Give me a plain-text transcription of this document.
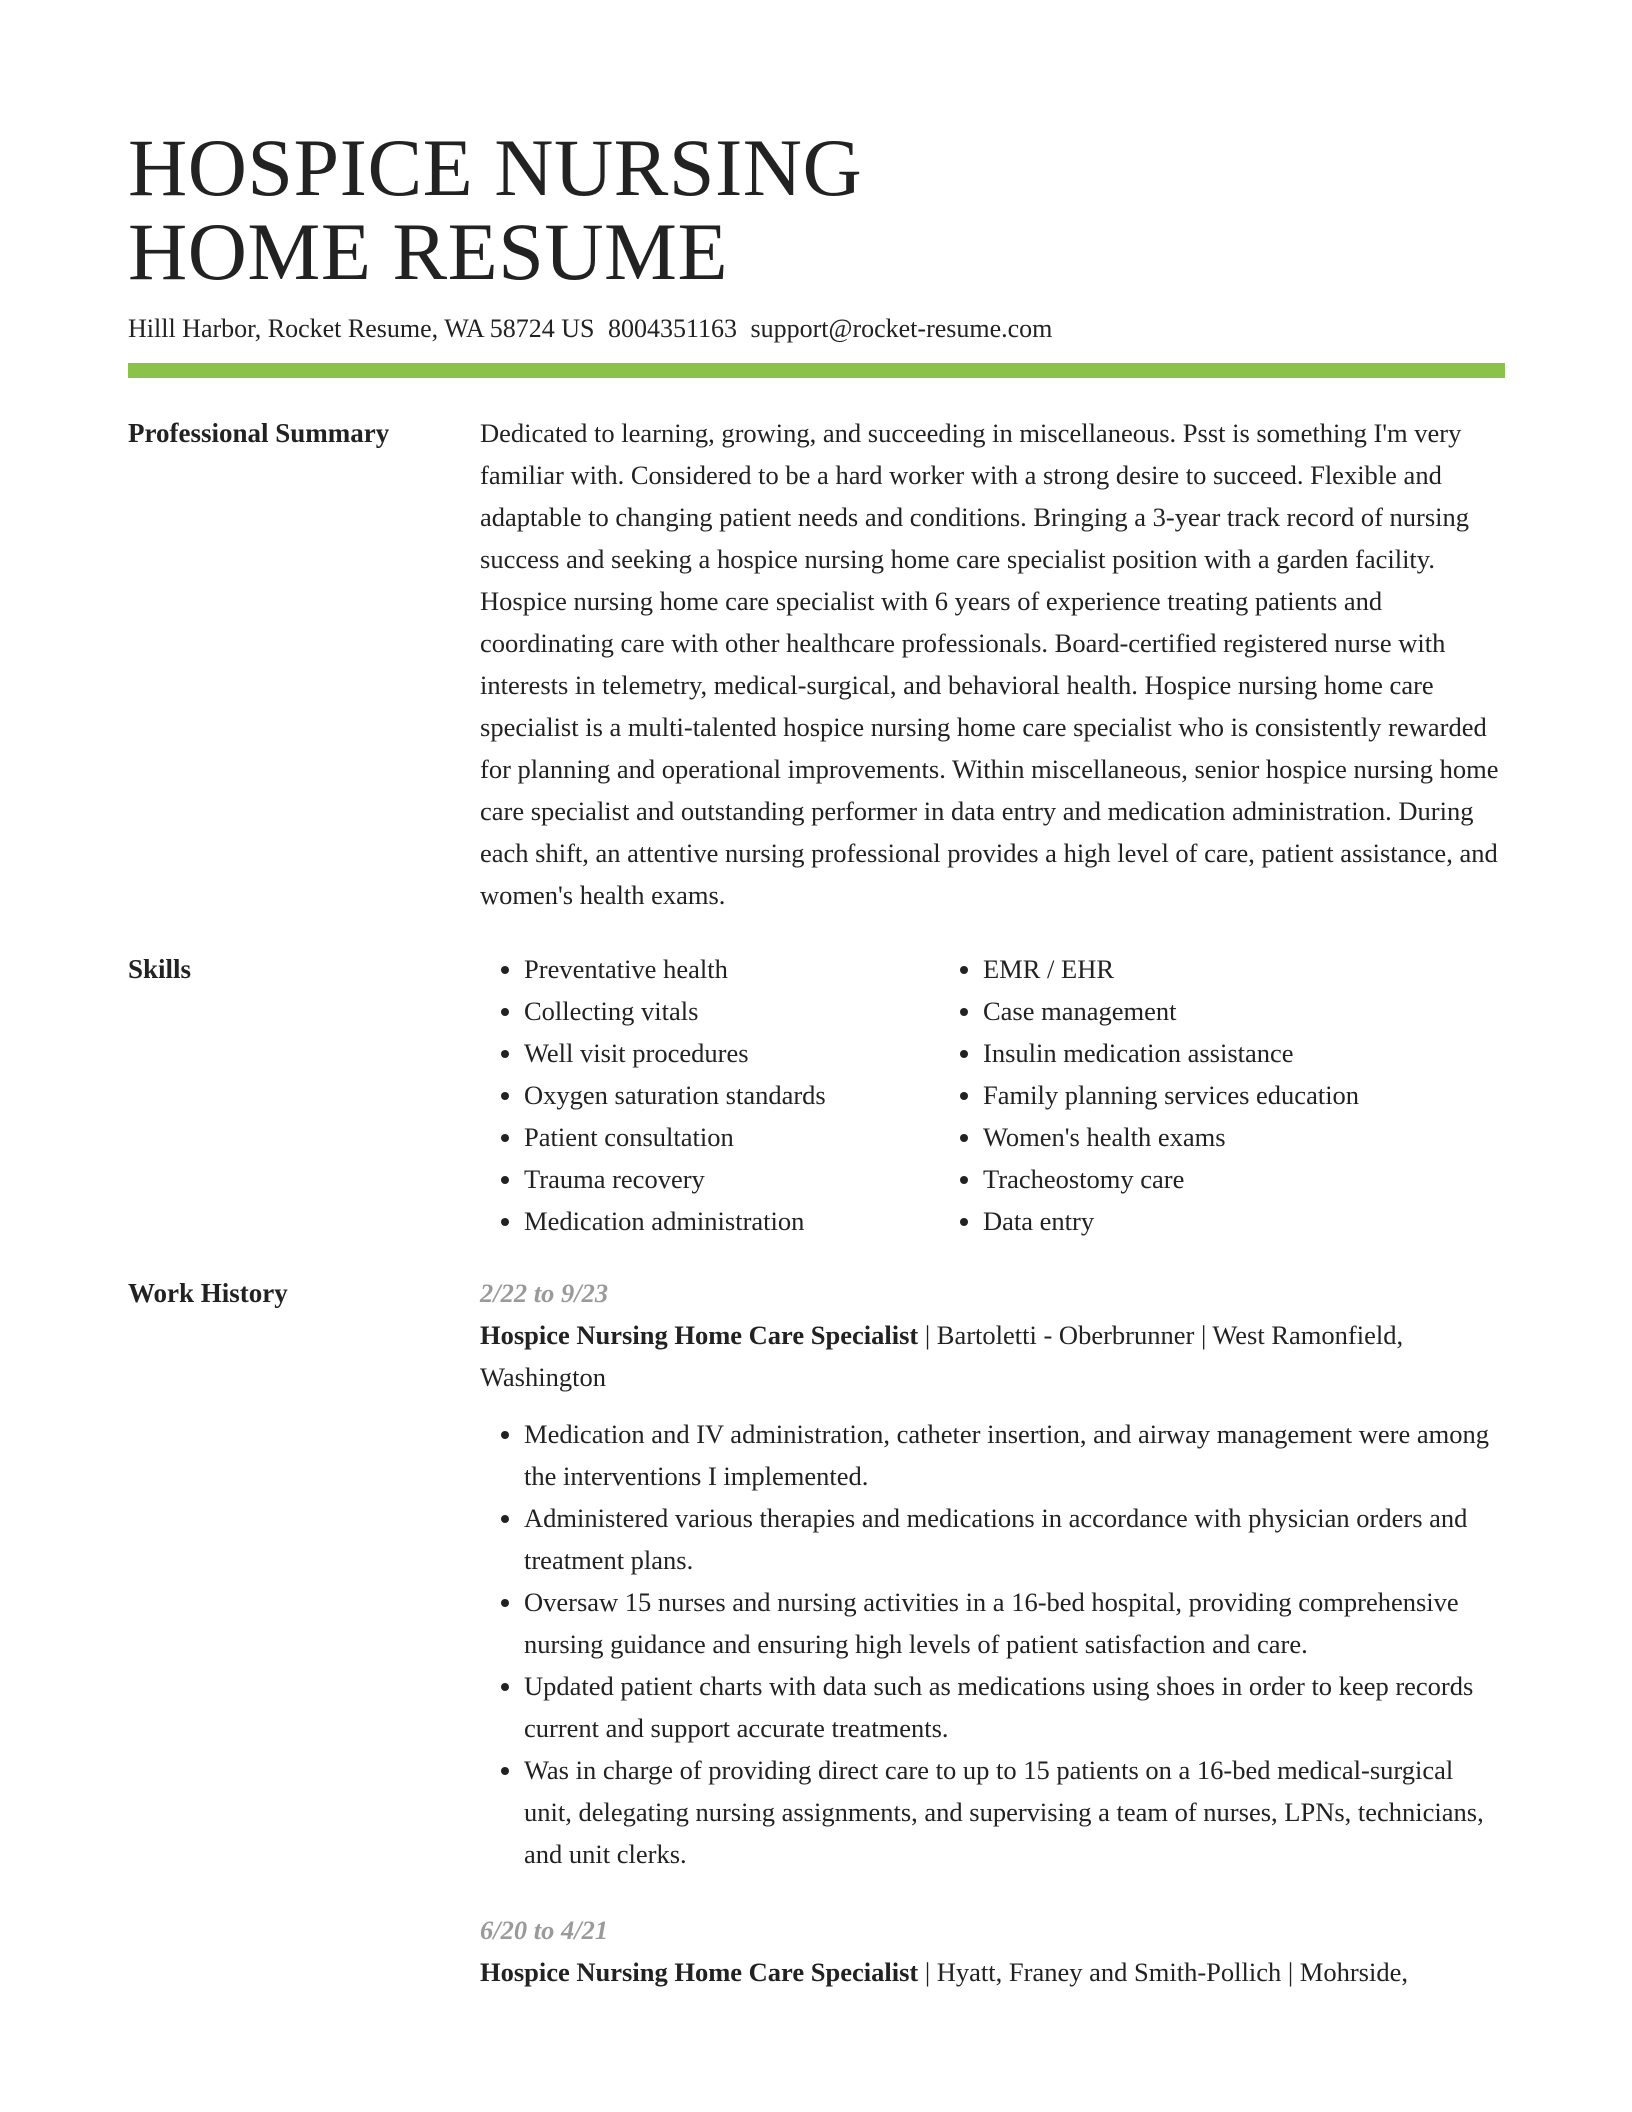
HOSPICE NURSING
HOME RESUME
Hilll Harbor, Rocket Resume, WA 58724 US 8004351163 support@rocket-resume.com
Professional Summary	Dedicated to learning, growing, and succeeding in miscellaneous. Psst is something I'm very familiar with. Considered to be a hard worker with a strong desire to succeed. Flexible and adaptable to changing patient needs and conditions. Bringing a 3-year track record of nursing success and seeking a hospice nursing home care specialist position with a garden facility. Hospice nursing home care specialist with 6 years of experience treating patients and coordinating care with other healthcare professionals. Board-certified registered nurse with interests in telemetry, medical-surgical, and behavioral health. Hospice nursing home care specialist is a multi-talented hospice nursing home care specialist who is consistently rewarded for planning and operational improvements. Within miscellaneous, senior hospice nursing home care specialist and outstanding performer in data entry and medication administration. During each shift, an attentive nursing professional provides a high level of care, patient assistance, and women's health exams.

Skills
•	Preventative health
• Collecting vitals
• Well visit procedures
• Oxygen saturation standards
• Patient consultation
• Trauma recovery
• Medication administration
• EMR / EHR
• Case management
• Insulin medication assistance
• Family planning services education
• Women's health exams
• Tracheostomy care
• Data entry
Work History	2/22 to 9/23
Hospice Nursing Home Care Specialist | Bartoletti - Oberbrunner | West Ramonfield, Washington
• Medication and IV administration, catheter insertion, and airway management were among the interventions I implemented.
• Administered various therapies and medications in accordance with physician orders and treatment plans.
• Oversaw 15 nurses and nursing activities in a 16-bed hospital, providing comprehensive nursing guidance and ensuring high levels of patient satisfaction and care.
• Updated patient charts with data such as medications using shoes in order to keep records current and support accurate treatments.
• Was in charge of providing direct care to up to 15 patients on a 16-bed medical-surgical unit, delegating nursing assignments, and supervising a team of nurses, LPNs, technicians, and unit clerks.
6/20 to 4/21
Hospice Nursing Home Care Specialist | Hyatt, Franey and Smith-Pollich | Mohrside,
